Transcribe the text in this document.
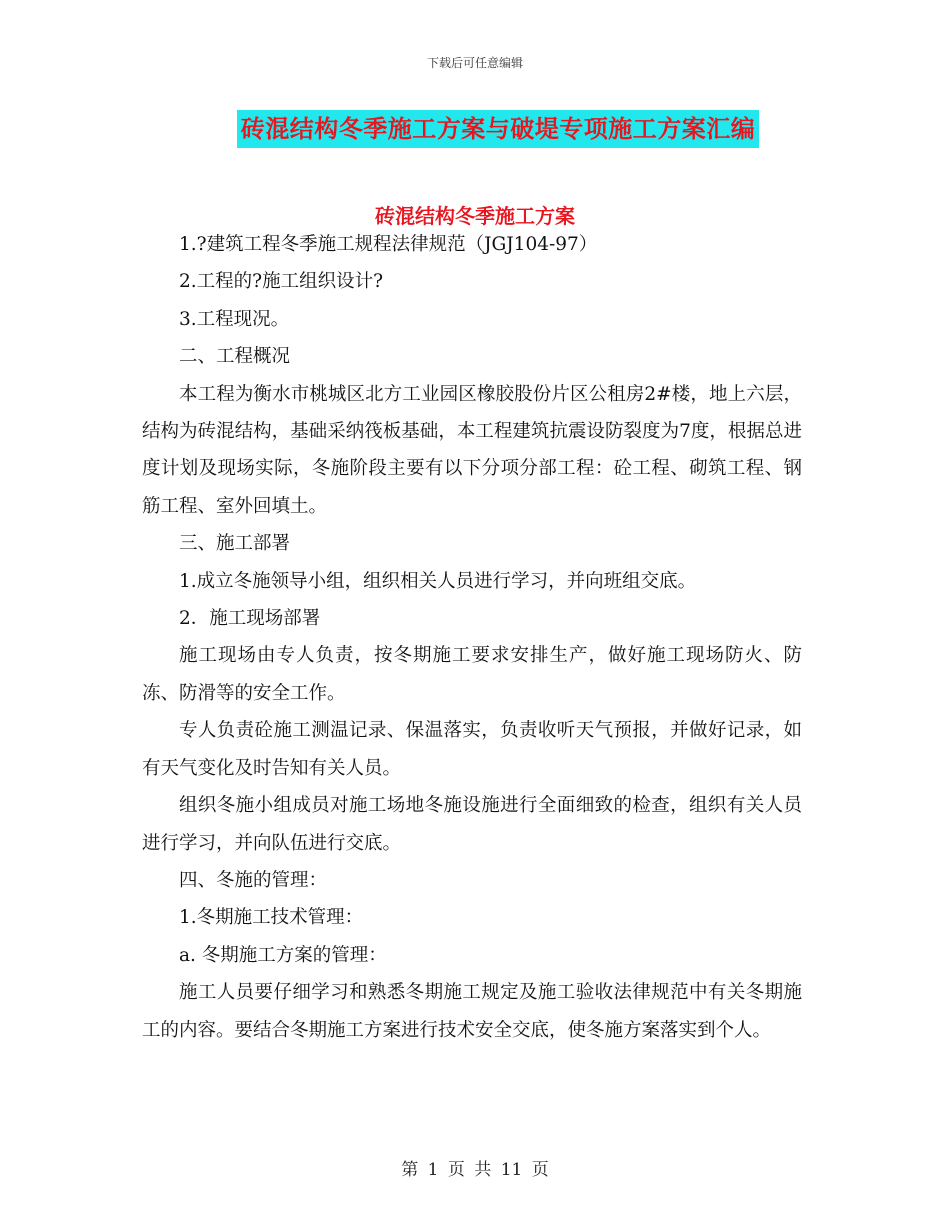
下载后可任意编辑
砖混结构冬季施工方案与破堤专项施工方案汇编
砖混结构冬季施工方案

1.?建筑工程冬季施工规程法律规范（JGJ104-97）

2.工程的?施工组织设计?

3.工程现况。

二、工程概况

本工程为衡水市桃城区北方工业园区橡胶股份片区公租房2#楼，地上六层，结构为砖混结构，基础采纳筏板基础，本工程建筑抗震设防裂度为7度，根据总进度计划及现场实际，冬施阶段主要有以下分项分部工程：砼工程、砌筑工程、钢筋工程、室外回填土。

三、施工部署

1.成立冬施领导小组，组织相关人员进行学习，并向班组交底。

2．施工现场部署

施工现场由专人负责，按冬期施工要求安排生产，做好施工现场防火、防冻、防滑等的安全工作。

专人负责砼施工测温记录、保温落实，负责收听天气预报，并做好记录，如有天气变化及时告知有关人员。

组织冬施小组成员对施工场地冬施设施进行全面细致的检查，组织有关人员进行学习，并向队伍进行交底。

四、冬施的管理：

1.冬期施工技术管理：

a. 冬期施工方案的管理：

施工人员要仔细学习和熟悉冬期施工规定及施工验收法律规范中有关冬期施工的内容。要结合冬期施工方案进行技术安全交底，使冬施方案落实到个人。

第 1 页 共 11 页
